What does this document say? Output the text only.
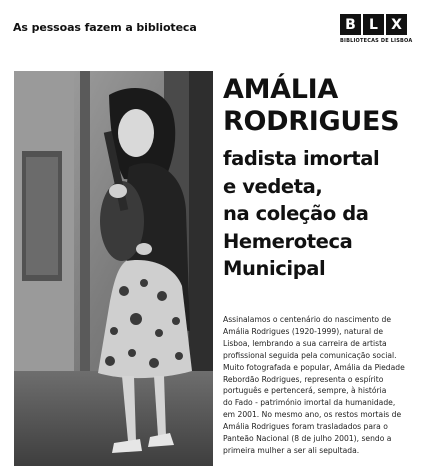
As pessoas fazem a biblioteca	B L X
BIBLIOTECAS DE LISBOA
AMÁLIA
RODRIGUES
fadista imortal
e vedeta,
na coleção da
Hemeroteca
Municipal
Assinalamos o centenário do nascimento de
Amália Rodrigues (1920-1999), natural de
Lisboa, lembrando a sua carreira de artista
profissional seguida pela comunicação social.
Muito fotografada e popular, Amália da Piedade
Rebordão Rodrigues, representa o espírito
português e pertencerá, sempre, à história
do Fado - património imortal da humanidade,
em 2001. No mesmo ano, os restos mortais de
Amália Rodrigues foram trasladados para o
Panteão Nacional (8 de julho 2001), sendo a
primeira mulher a ser ali sepultada.
